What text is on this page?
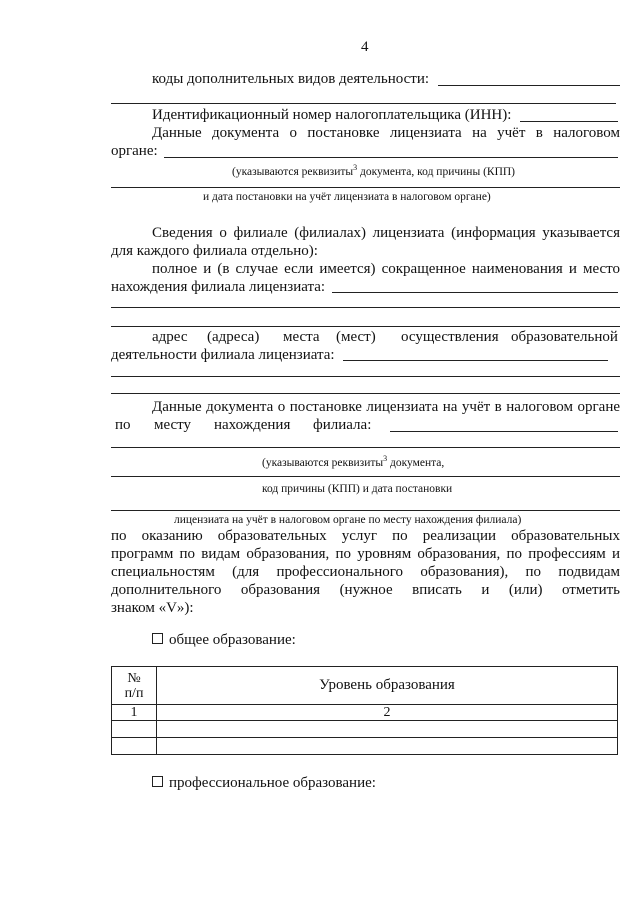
4
коды дополнительных видов деятельности:
Идентификационный номер налогоплательщика (ИНН):
Данные документа о постановке лицензиата на учёт в налоговом
органе:
(указываются реквизиты$^3$ документа, код причины (КПП)
и дата постановки на учёт лицензиата в налоговом органе)
Сведения о филиале (филиалах) лицензиата (информация указывается
для каждого филиала отдельно):
полное и (в случае если имеется) сокращенное наименования и место
нахождения филиала лицензиата:
адрес (адреса) места (мест) осуществления образовательной
деятельности филиала лицензиата:
Данные документа о постановке лицензиата на учёт в налоговом органе
по месту нахождения филиала:
(указываются реквизиты$^3$ документа,
код причины (КПП) и дата постановки
лицензиата на учёт в налоговом органе по месту нахождения филиала)
по оказанию образовательных услуг по реализации образовательных
программ по видам образования, по уровням образования, по профессиям и
специальностям (для профессионального образования), по подвидам
дополнительного образования (нужное вписать и (или) отметить
знаком «V»):
общее образование:
№
п/п	Уровень образования
1	2

профессиональное образование:
